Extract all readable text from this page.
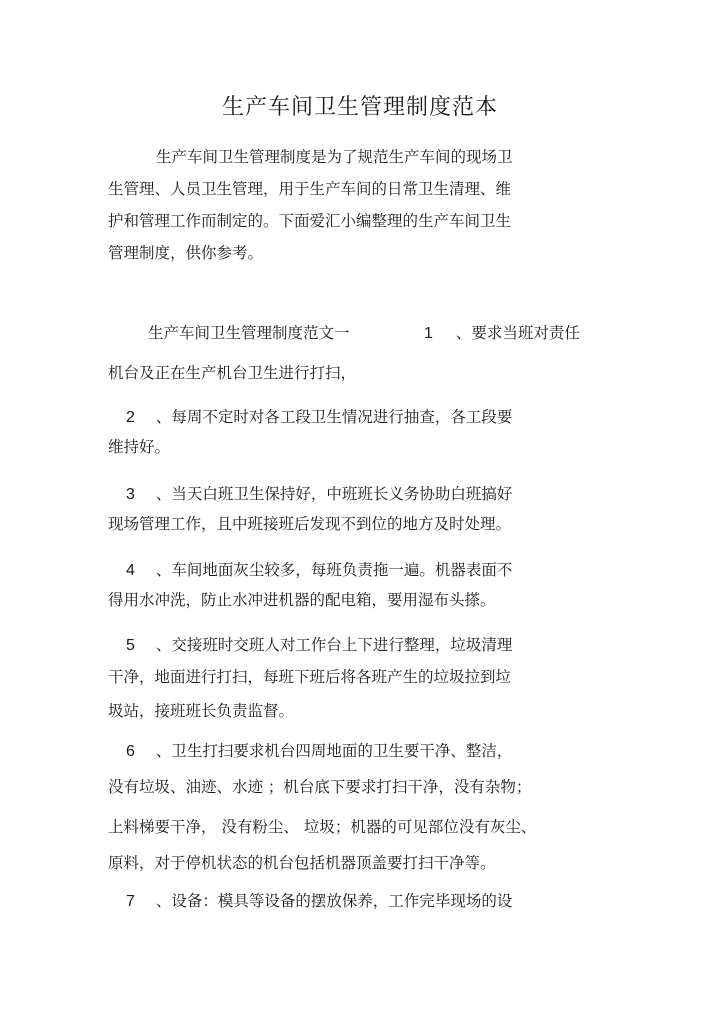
生产车间卫生管理制度范本
生产车间卫生管理制度是为了规范生产车间的现场卫
生管理、人员卫生管理，用于生产车间的日常卫生清理、维
护和管理工作而制定的。下面爱汇小编整理的生产车间卫生
管理制度，供你参考。
生产车间卫生管理制度范文一	1 、要求当班对责任
机台及正在生产机台卫生进行打扫，
2 、每周不定时对各工段卫生情况进行抽查，各工段要
维持好。
3 、当天白班卫生保持好，中班班长义务协助白班搞好
现场管理工作，且中班接班后发现不到位的地方及时处理。
4 、车间地面灰尘较多，每班负责拖一遍。机器表面不
得用水冲洗，防止水冲进机器的配电箱，要用湿布头搽。
5 、交接班时交班人对工作台上下进行整理，垃圾清理
干净，地面进行打扫，每班下班后将各班产生的垃圾拉到垃
圾站，接班班长负责监督。
6 、卫生打扫要求机台四周地面的卫生要干净、整洁，
没有垃圾、油迹、水迹 ；机台底下要求打扫干净，没有杂物；
上料梯要干净， 没有粉尘、 垃圾；机器的可见部位没有灰尘、
原料，对于停机状态的机台包括机器顶盖要打扫干净等。
7 、设备：模具等设备的摆放保养，工作完毕现场的设
